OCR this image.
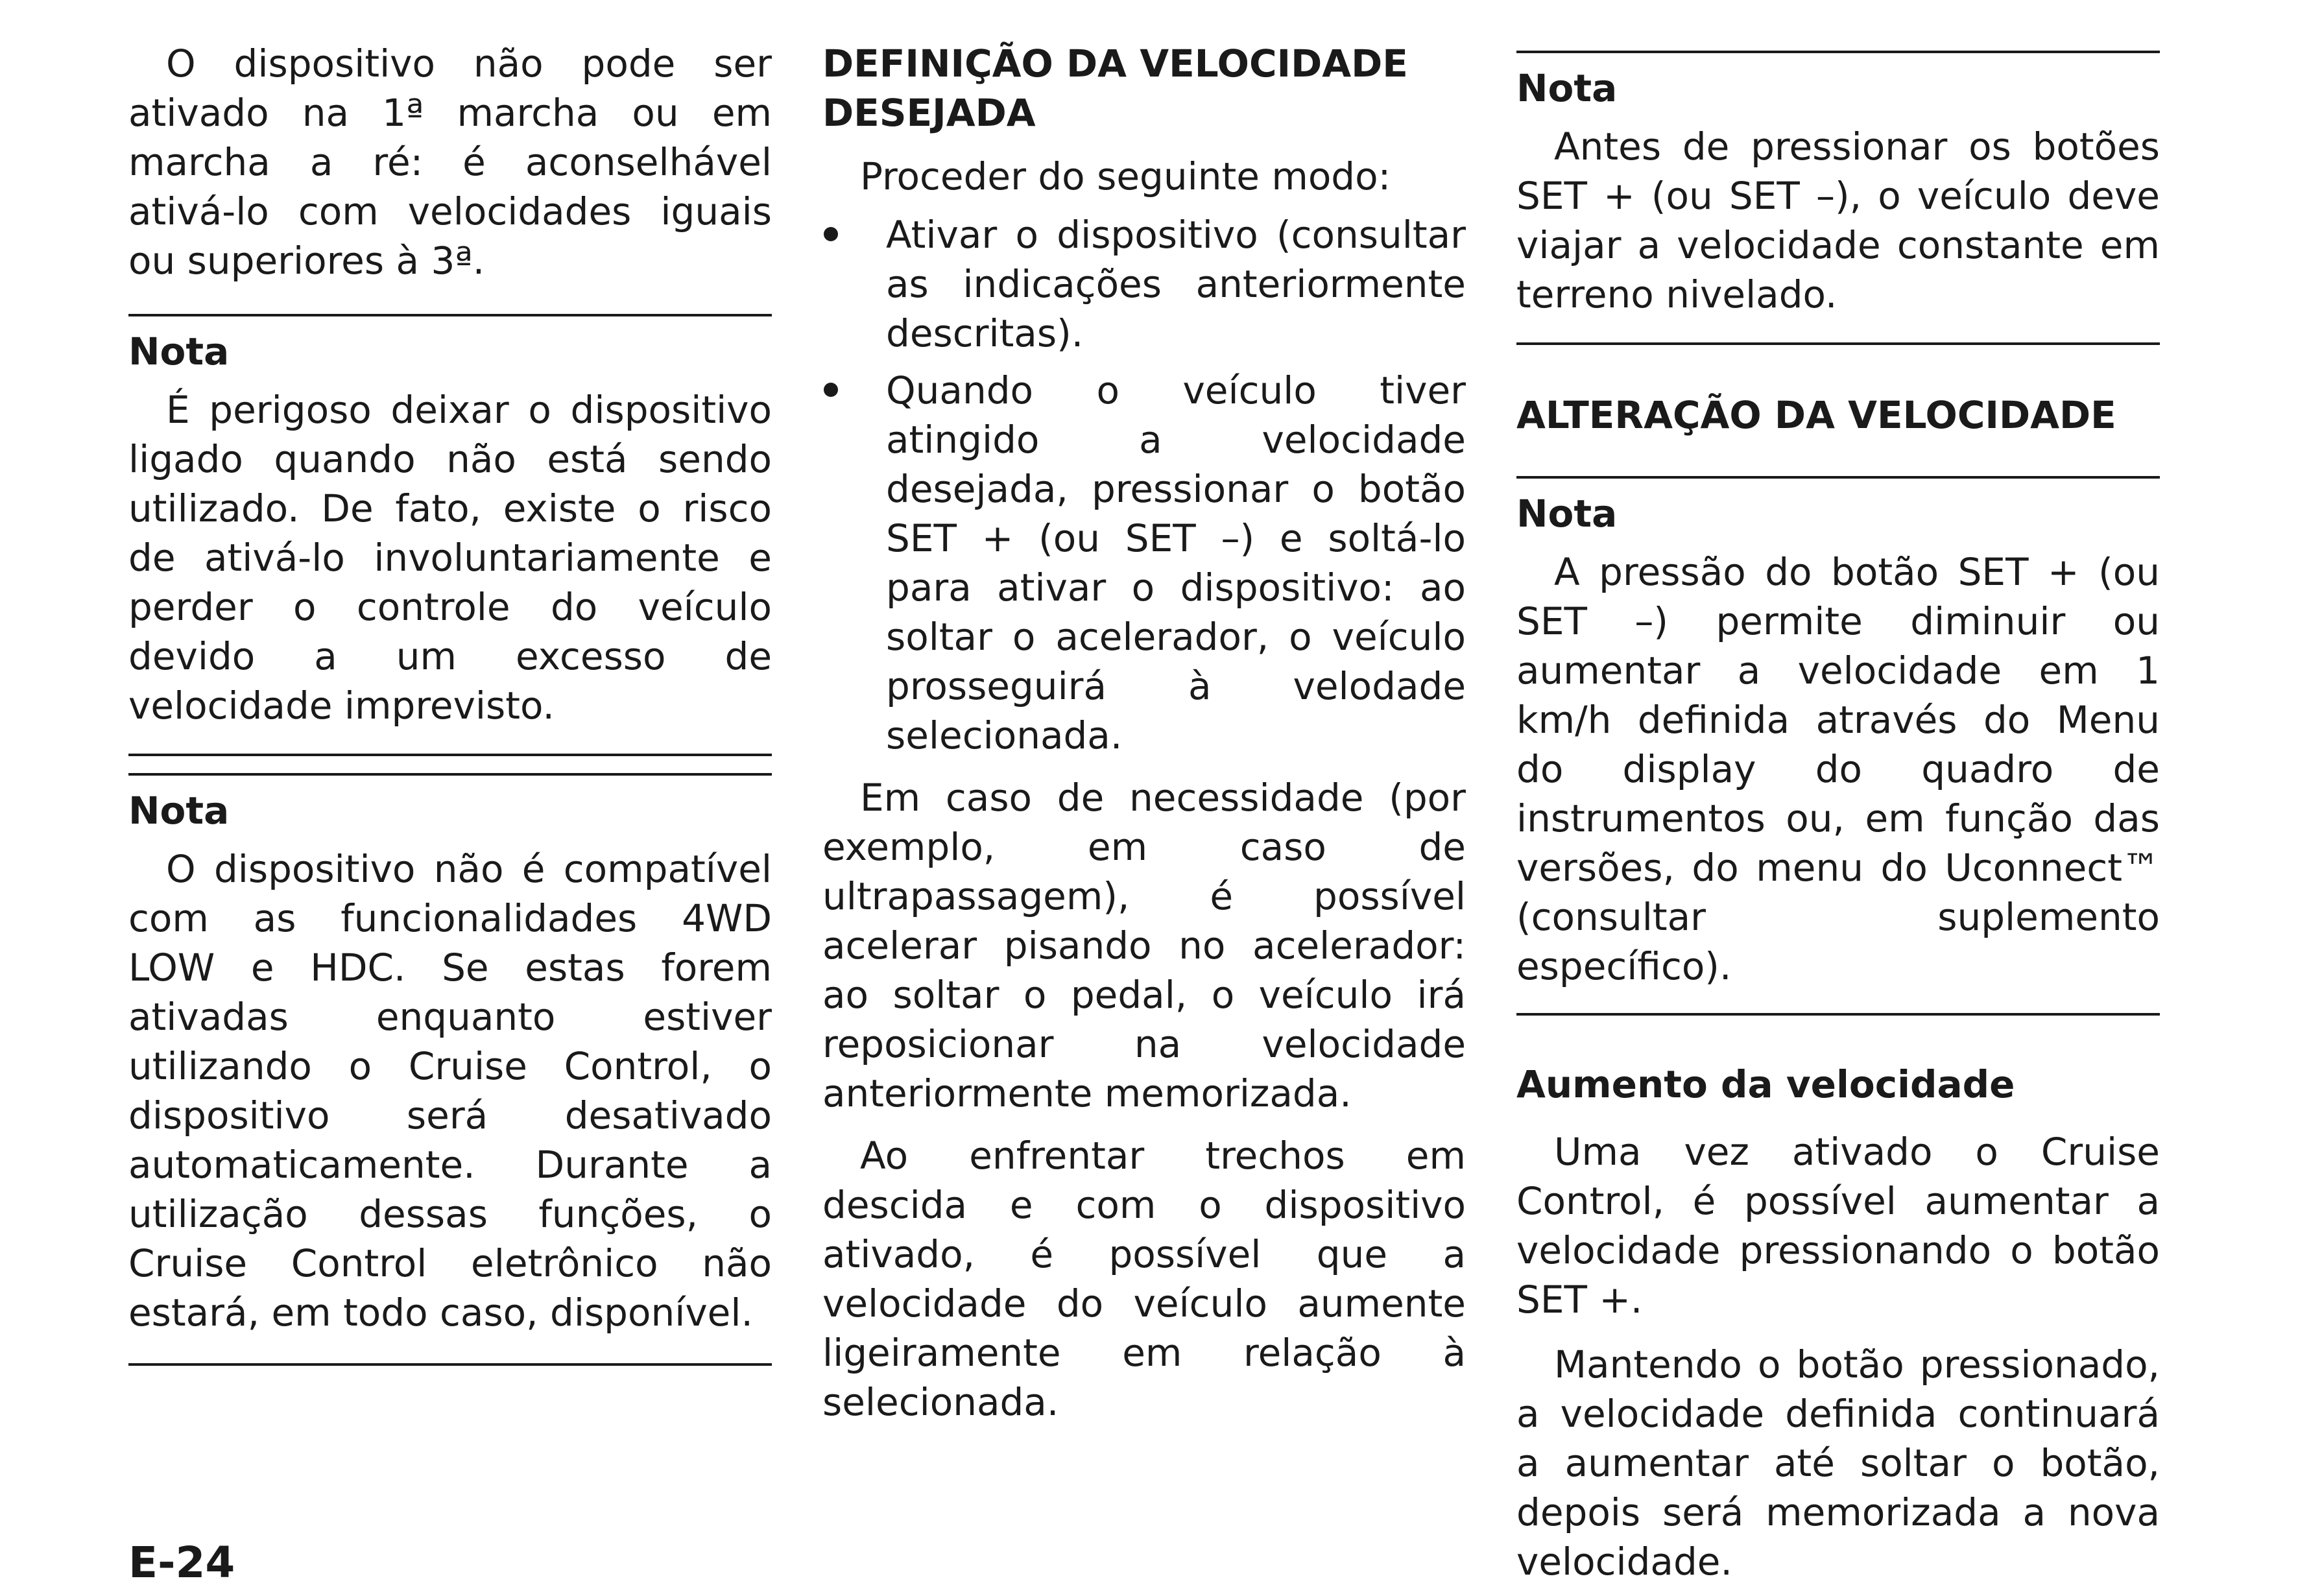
O dispositivo não pode ser ativado na 1ª marcha ou em marcha a ré: é aconselhável ativá-lo com velocidades iguais ou superiores à 3ª.

Nota

É perigoso deixar o dispositivo ligado quando não está sendo utilizado. De fato, existe o risco de ativá-lo involuntariamente e perder o controle do veículo devido a um excesso de velocidade imprevisto.

Nota

O dispositivo não é compatível com as funcionalidades 4WD LOW e HDC. Se estas forem ativadas enquanto estiver utilizando o Cruise Control, o dispositivo será desativado automaticamente. Durante a utilização dessas funções, o Cruise Control eletrônico não estará, em todo caso, disponível.

DEFINIÇÃO DA VELOCIDADE DESEJADA

Proceder do seguinte modo:

Ativar o dispositivo (consultar as indicações anteriormente descritas).
Quando o veículo tiver atingido a velocidade desejada, pressionar o botão SET + (ou SET –) e soltá-lo para ativar o dispositivo: ao soltar o acelerador, o veículo prosseguirá à velodade selecionada.

Em caso de necessidade (por exemplo, em caso de ultrapassagem), é possível acelerar pisando no acelerador: ao soltar o pedal, o veículo irá reposicionar na velocidade anteriormente memorizada.

Ao enfrentar trechos em descida e com o dispositivo ativado, é possível que a velocidade do veículo aumente ligeiramente em relação à selecionada.

Nota

Antes de pressionar os botões SET + (ou SET –), o veículo deve viajar a velocidade constante em terreno nivelado.

ALTERAÇÃO DA VELOCIDADE
Nota

A pressão do botão SET + (ou SET –) permite diminuir ou aumentar a velocidade em 1 km/h definida através do Menu do display do quadro de instrumentos ou, em função das versões, do menu do Uconnect™ (consultar suplemento específico).

Aumento da velocidade

Uma vez ativado o Cruise Control, é possível aumentar a velocidade pressionando o botão SET +.

Mantendo o botão pressionado, a velocidade definida continuará a aumentar até soltar o botão, depois será memorizada a nova velocidade.

E-24
